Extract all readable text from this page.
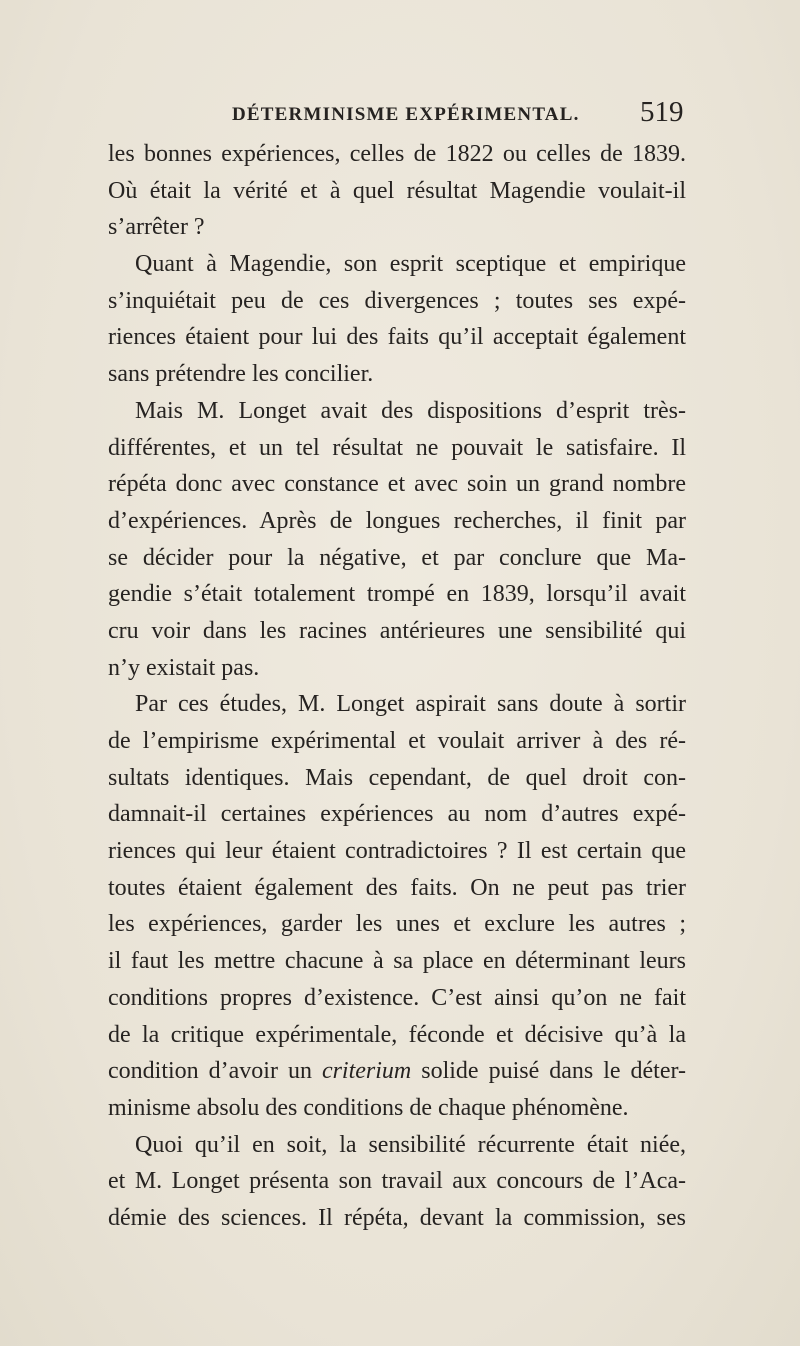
DÉTERMINISME EXPÉRIMENTAL. 519
les bonnes expériences, celles de 1822 ou celles de 1839.
Où était la vérité et à quel résultat Magendie voulait-il
s’arrêter ?
Quant à Magendie, son esprit sceptique et empirique
s’inquiétait peu de ces divergences ; toutes ses expé-
riences étaient pour lui des faits qu’il acceptait également
sans prétendre les concilier.
Mais M. Longet avait des dispositions d’esprit très-
différentes, et un tel résultat ne pouvait le satisfaire. Il
répéta donc avec constance et avec soin un grand nombre
d’expériences. Après de longues recherches, il finit par
se décider pour la négative, et par conclure que Ma-
gendie s’était totalement trompé en 1839, lorsqu’il avait
cru voir dans les racines antérieures une sensibilité qui
n’y existait pas.
Par ces études, M. Longet aspirait sans doute à sortir
de l’empirisme expérimental et voulait arriver à des ré-
sultats identiques. Mais cependant, de quel droit con-
damnait-il certaines expériences au nom d’autres expé-
riences qui leur étaient contradictoires ? Il est certain que
toutes étaient également des faits. On ne peut pas trier
les expériences, garder les unes et exclure les autres ;
il faut les mettre chacune à sa place en déterminant leurs
conditions propres d’existence. C’est ainsi qu’on ne fait
de la critique expérimentale, féconde et décisive qu’à la
condition d’avoir un criterium solide puisé dans le déter-
minisme absolu des conditions de chaque phénomène.
Quoi qu’il en soit, la sensibilité récurrente était niée,
et M. Longet présenta son travail aux concours de l’Aca-
démie des sciences. Il répéta, devant la commission, ses
